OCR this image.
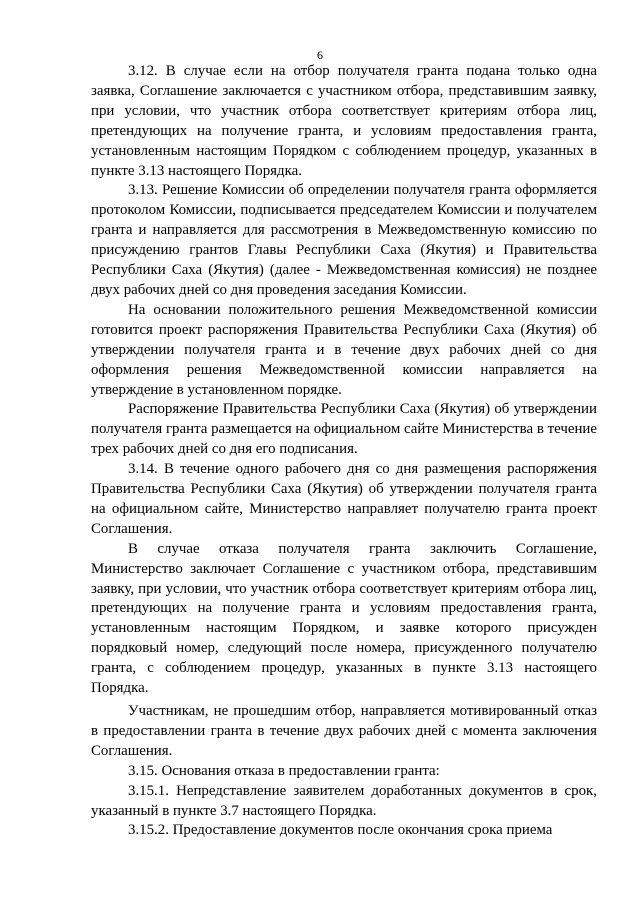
6

3.12. В случае если на отбор получателя гранта подана только одна заявка, Соглашение заключается с участником отбора, представившим заявку, при условии, что участник отбора соответствует критериям отбора лиц, претендующих на получение гранта, и условиям предоставления гранта, установленным настоящим Порядком с соблюдением процедур, указанных в пункте 3.13 настоящего Порядка.

3.13. Решение Комиссии об определении получателя гранта оформляется протоколом Комиссии, подписывается председателем Комиссии и получателем гранта и направляется для рассмотрения в Межведомственную комиссию по присуждению грантов Главы Республики Саха (Якутия) и Правительства Республики Саха (Якутия) (далее - Межведомственная комиссия) не позднее двух рабочих дней со дня проведения заседания Комиссии.

На основании положительного решения Межведомственной комиссии готовится проект распоряжения Правительства Республики Саха (Якутия) об утверждении получателя гранта и в течение двух рабочих дней со дня оформления решения Межведомственной комиссии направляется на утверждение в установленном порядке.

Распоряжение Правительства Республики Саха (Якутия) об утверждении получателя гранта размещается на официальном сайте Министерства в течение трех рабочих дней со дня его подписания.

3.14. В течение одного рабочего дня со дня размещения распоряжения Правительства Республики Саха (Якутия) об утверждении получателя гранта на официальном сайте, Министерство направляет получателю гранта проект Соглашения.

В случае отказа получателя гранта заключить Соглашение, Министерство заключает Соглашение с участником отбора, представившим заявку, при условии, что участник отбора соответствует критериям отбора лиц, претендующих на получение гранта и условиям предоставления гранта, установленным настоящим Порядком, и заявке которого присужден порядковый номер, следующий после номера, присужденного получателю гранта, с соблюдением процедур, указанных в пункте 3.13 настоящего Порядка.

Участникам, не прошедшим отбор, направляется мотивированный отказ в предоставлении гранта в течение двух рабочих дней с момента заключения Соглашения.

3.15. Основания отказа в предоставлении гранта:

3.15.1. Непредставление заявителем доработанных документов в срок, указанный в пункте 3.7 настоящего Порядка.

3.15.2. Предоставление документов после окончания срока приема
